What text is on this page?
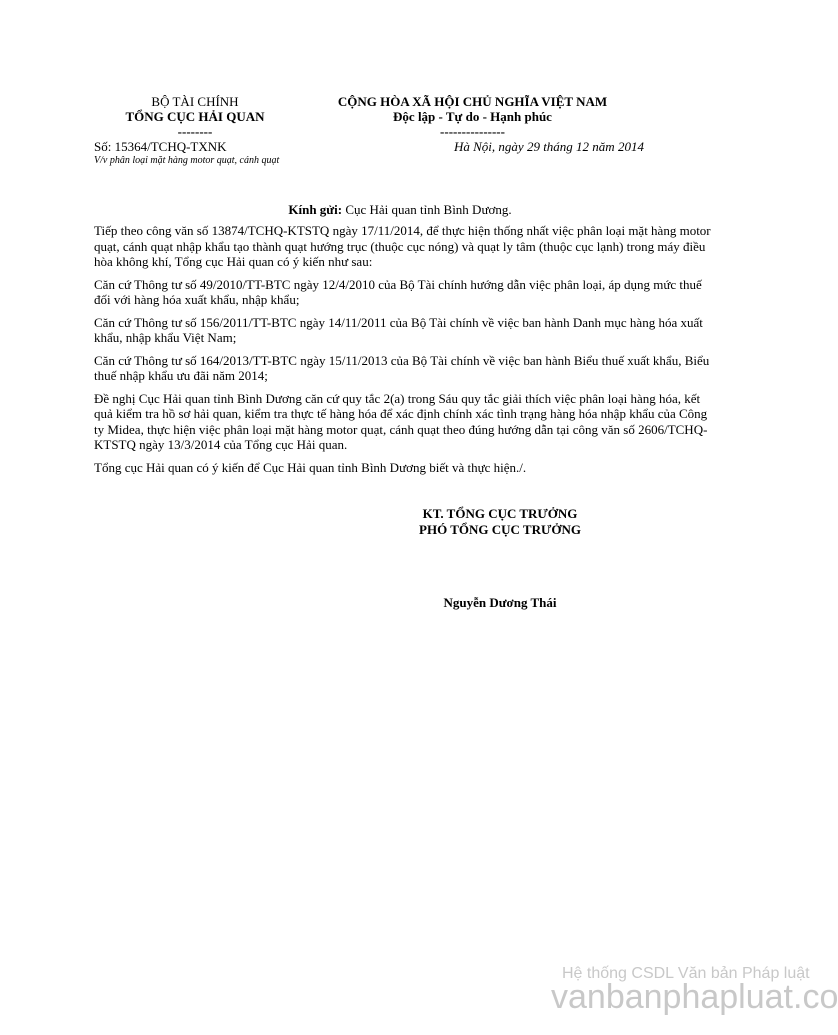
BỘ TÀI CHÍNH
TỔNG CỤC HẢI QUAN
--------
CỘNG HÒA XÃ HỘI CHỦ NGHĨA VIỆT NAM
Độc lập - Tự do - Hạnh phúc
---------------
Số: 15364/TCHQ-TXNK
V/v phân loại mặt hàng motor quạt, cánh quạt
Hà Nội, ngày 29 tháng 12 năm 2014
Kính gửi: Cục Hải quan tỉnh Bình Dương.

Tiếp theo công văn số 13874/TCHQ-KTSTQ ngày 17/11/2014, để thực hiện thống nhất việc phân loại mặt hàng motor quạt, cánh quạt nhập khẩu tạo thành quạt hướng trục (thuộc cục nóng) và quạt ly tâm (thuộc cục lạnh) trong máy điều hòa không khí, Tổng cục Hải quan có ý kiến như sau:

Căn cứ Thông tư số 49/2010/TT-BTC ngày 12/4/2010 của Bộ Tài chính hướng dẫn việc phân loại, áp dụng mức thuế đối với hàng hóa xuất khẩu, nhập khẩu;

Căn cứ Thông tư số 156/2011/TT-BTC ngày 14/11/2011 của Bộ Tài chính về việc ban hành Danh mục hàng hóa xuất khẩu, nhập khẩu Việt Nam;

Căn cứ Thông tư số 164/2013/TT-BTC ngày 15/11/2013 của Bộ Tài chính về việc ban hành Biểu thuế xuất khẩu, Biểu thuế nhập khẩu ưu đãi năm 2014;

Đề nghị Cục Hải quan tỉnh Bình Dương căn cứ quy tắc 2(a) trong Sáu quy tắc giải thích việc phân loại hàng hóa, kết quả kiểm tra hồ sơ hải quan, kiểm tra thực tế hàng hóa để xác định chính xác tình trạng hàng hóa nhập khẩu của Công ty Midea, thực hiện việc phân loại mặt hàng motor quạt, cánh quạt theo đúng hướng dẫn tại công văn số 2606/TCHQ-KTSTQ ngày 13/3/2014 của Tổng cục Hải quan.

Tổng cục Hải quan có ý kiến để Cục Hải quan tỉnh Bình Dương biết và thực hiện./.

KT. TỔNG CỤC TRƯỞNG
PHÓ TỔNG CỤC TRƯỞNG
Nguyễn Dương Thái
Hệ thống CSDL Văn bản Pháp luật
vanbanphapluat.co
